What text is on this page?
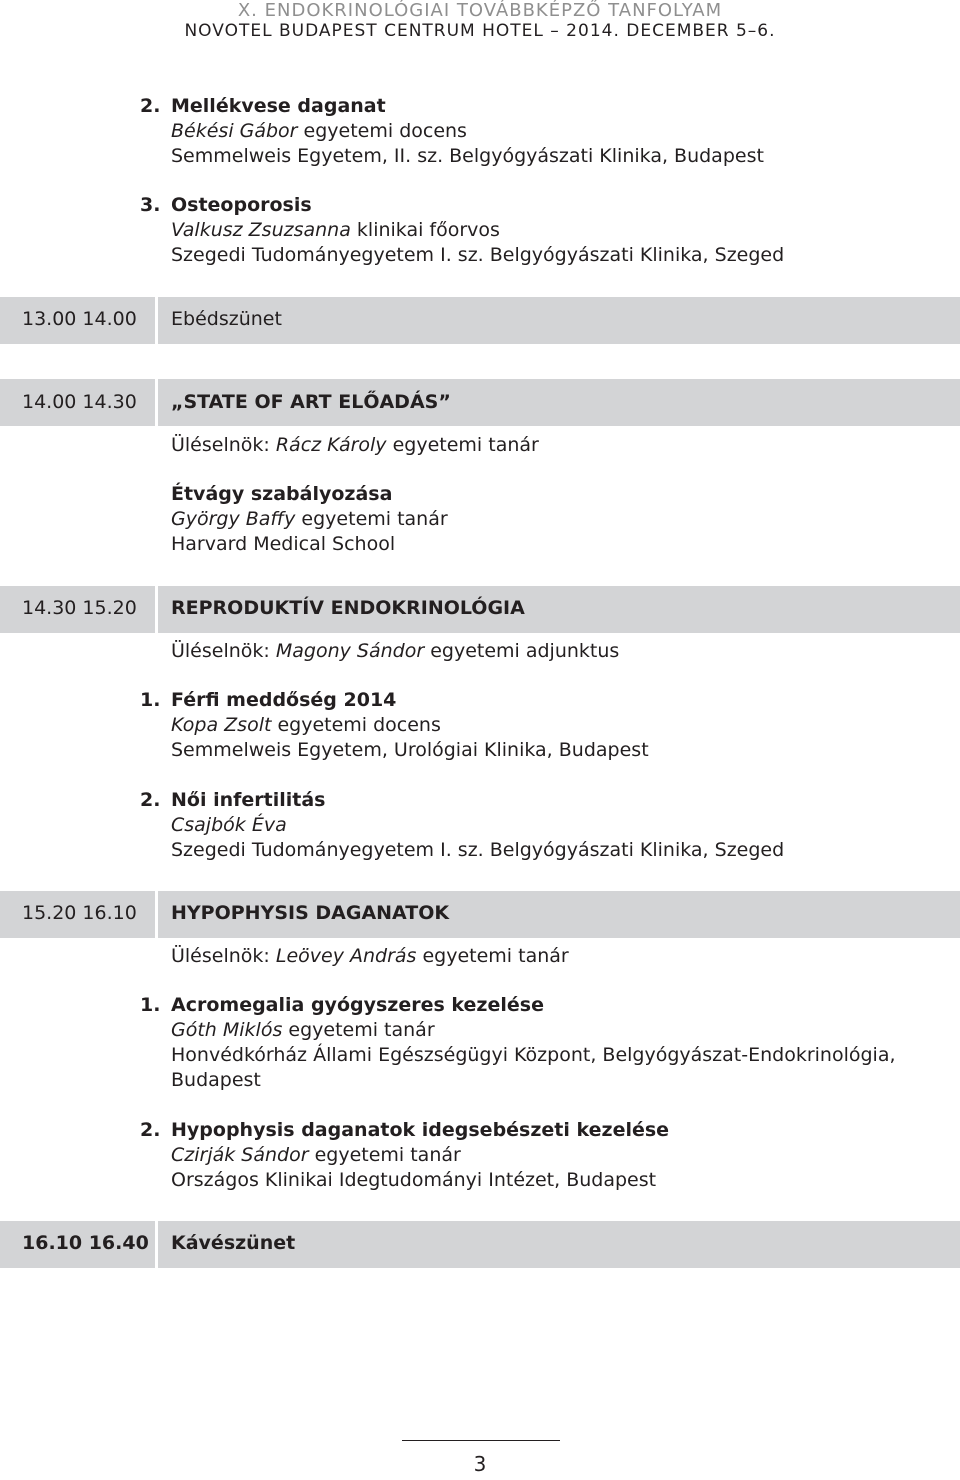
X. ENDOKRINOLÓGIAI TOVÁBBKÉPZŐ TANFOLYAM
NOVOTEL BUDAPEST CENTRUM HOTEL – 2014. DECEMBER 5–6.
2. Mellékvese daganat
Békési Gábor egyetemi docens
Semmelweis Egyetem, II. sz. Belgyógyászati Klinika, Budapest
3. Osteoporosis
Valkusz Zsuzsanna klinikai főorvos
Szegedi Tudományegyetem I. sz. Belgyógyászati Klinika, Szeged
13.00 14.00 Ebédszünet
14.00 14.30 „STATE OF ART ELŐADÁS”
Üléselnök: Rácz Károly egyetemi tanár
Étvágy szabályozása
György Baffy egyetemi tanár
Harvard Medical School
14.30 15.20 REPRODUKTÍV ENDOKRINOLÓGIA
Üléselnök: Magony Sándor egyetemi adjunktus
1. Férfi meddőség 2014
Kopa Zsolt egyetemi docens
Semmelweis Egyetem, Urológiai Klinika, Budapest
2. Női infertilitás
Csajbók Éva
Szegedi Tudományegyetem I. sz. Belgyógyászati Klinika, Szeged
15.20 16.10 HYPOPHYSIS DAGANATOK
Üléselnök: Leövey András egyetemi tanár
1. Acromegalia gyógyszeres kezelése
Góth Miklós egyetemi tanár
Honvédkórház Állami Egészségügyi Központ, Belgyógyászat-Endokrinológia,
Budapest
2. Hypophysis daganatok idegsebészeti kezelése
Czirják Sándor egyetemi tanár
Országos Klinikai Idegtudományi Intézet, Budapest
16.10 16.40 Kávészünet
3
